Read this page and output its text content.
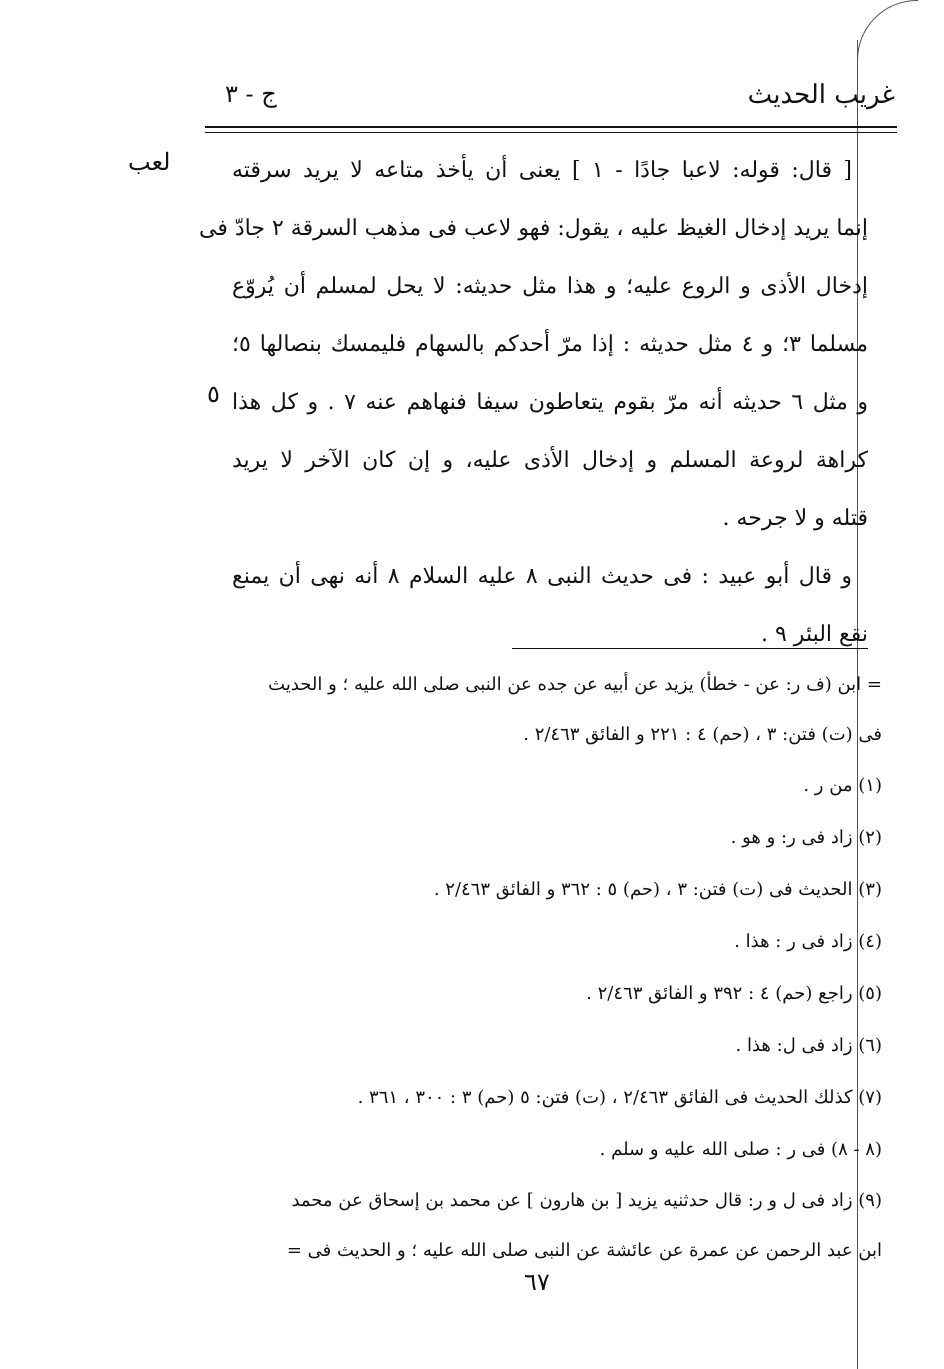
غريب الحديث
ج - ٣
لعب
٥
[ قال: قوله: لاعبا جادًا - ١ ] يعنى أن يأخذ متاعه لا يريد سرقته
إنما يريد إدخال الغيظ عليه ، يقول: فهو لاعب فى مذهب السرقة ٢ جادّ فى
إدخال الأذى و الروع عليه؛ و هذا مثل حديثه: لا يحل لمسلم أن يُروّع
مسلما ٣؛ و ٤ مثل حديثه : إذا مرّ أحدكم بالسهام فليمسك بنصالها ٥؛
و مثل ٦ حديثه أنه مرّ بقوم يتعاطون سيفا فنهاهم عنه ٧ . و كل هذا
كراهة لروعة المسلم و إدخال الأذى عليه، و إن كان الآخر لا يريد
قتله و لا جرحه .
و قال أبو عبيد : فى حديث النبى ٨ عليه السلام ٨ أنه نهى أن يمنع
نقع البئر ٩ .
= ابن (ف ر: عن - خطأ) يزيد عن أبيه عن جده عن النبى صلى الله عليه ؛ و الحديث
فى (ت) فتن: ٣ ، (حم) ٤ : ٢٢١ و الفائق ٢/٤٦٣ .
(١) من ر .
(٢) زاد فى ر: و هو .
(٣) الحديث فى (ت) فتن: ٣ ، (حم) ٥ : ٣٦٢ و الفائق ٢/٤٦٣ .
(٤) زاد فى ر : هذا .
(٥) راجع (حم) ٤ : ٣٩٢ و الفائق ٢/٤٦٣ .
(٦) زاد فى ل: هذا .
(٧) كذلك الحديث فى الفائق ٢/٤٦٣ ، (ت) فتن: ٥ (حم) ٣ : ٣٠٠ ، ٣٦١ .
(٨ - ٨) فى ر : صلى الله عليه و سلم .
(٩) زاد فى ل و ر: قال حدثنيه يزيد [ بن هارون ] عن محمد بن إسحاق عن محمد
ابن عبد الرحمن عن عمرة عن عائشة عن النبى صلى الله عليه ؛ و الحديث فى =
٦٧
